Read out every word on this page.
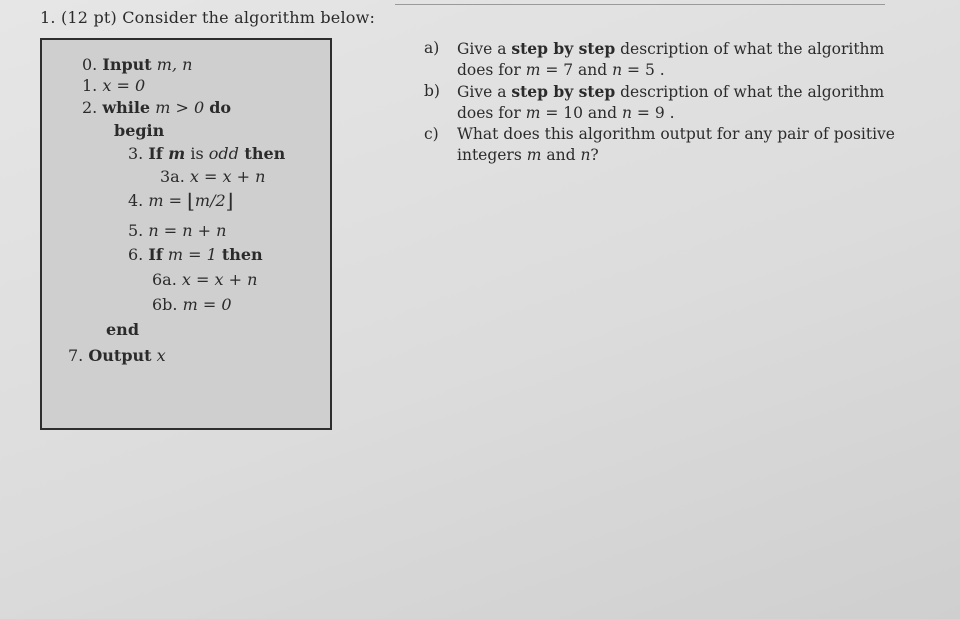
1. (12 pt) Consider the algorithm below:
0. Input m, n
1. x = 0
2. while m > 0 do
begin
3. If m is odd then
3a. x = x + n
4. m = ⌊m/2⌋
5. n = n + n
6. If m = 1 then
6a. x = x + n
6b. m = 0
end
7. Output x
a) Give a step by step description of what the algorithm does for m = 7 and n = 5 .
b) Give a step by step description of what the algorithm does for m = 10 and n = 9 .
c) What does this algorithm output for any pair of positive integers m and n?
